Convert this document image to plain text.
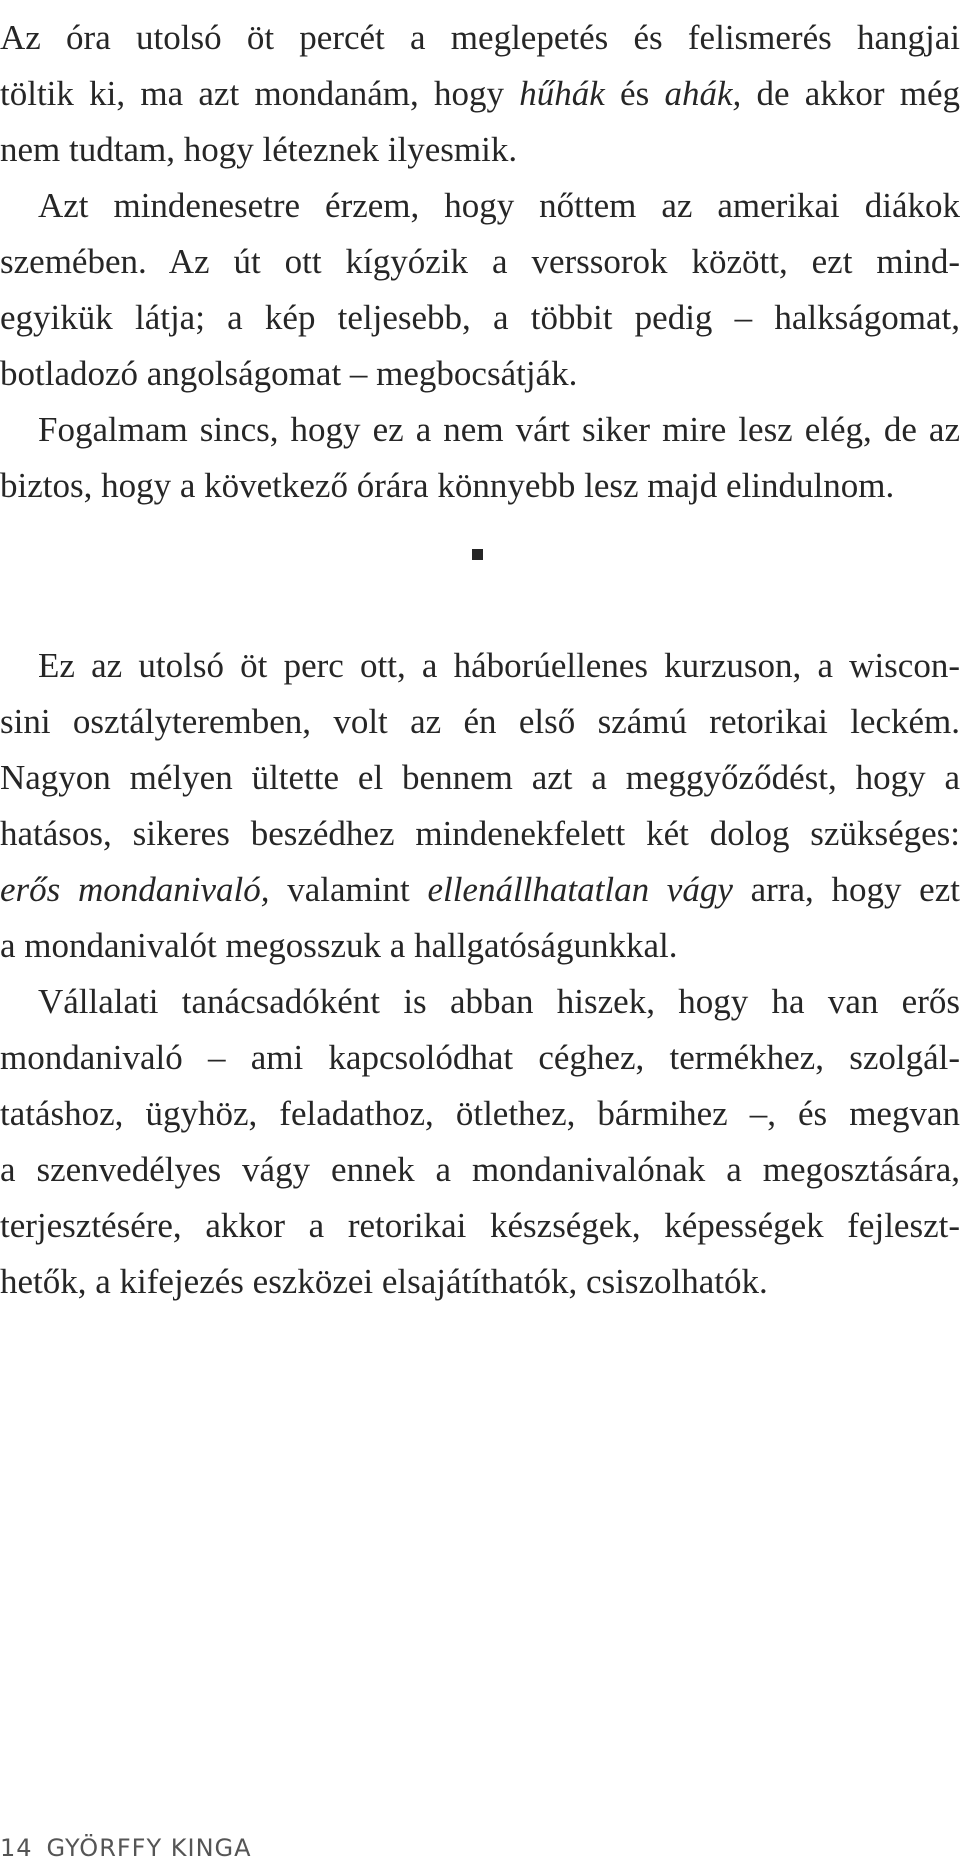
Az óra utolsó öt percét a meglepetés és felismerés hangjai
töltik ki, ma azt mondanám, hogy hűhák és ahák, de akkor még
nem tudtam, hogy léteznek ilyesmik.
Azt mindenesetre érzem, hogy nőttem az amerikai diákok
szemében. Az út ott kígyózik a verssorok között, ezt mind-
egyikük látja; a kép teljesebb, a többit pedig – halkságomat,
botladozó angolságomat – megbocsátják.
Fogalmam sincs, hogy ez a nem várt siker mire lesz elég, de az
biztos, hogy a következő órára könnyebb lesz majd elindulnom.
Ez az utolsó öt perc ott, a háborúellenes kurzuson, a wiscon-
sini osztályteremben, volt az én első számú retorikai leckém.
Nagyon mélyen ültette el bennem azt a meggyőződést, hogy a
hatásos, sikeres beszédhez mindenekfelett két dolog szükséges:
erős mondanivaló, valamint ellenállhatatlan vágy arra, hogy ezt
a mondanivalót megosszuk a hallgatóságunkkal.
Vállalati tanácsadóként is abban hiszek, hogy ha van erős
mondanivaló – ami kapcsolódhat céghez, termékhez, szolgál-
tatáshoz, ügyhöz, feladathoz, ötlethez, bármihez –, és megvan
a szenvedélyes vágy ennek a mondanivalónak a megosztására,
terjesztésére, akkor a retorikai készségek, képességek fejleszt-
hetők, a kifejezés eszközei elsajátíthatók, csiszolhatók.
14 GYÖRFFY KINGA
